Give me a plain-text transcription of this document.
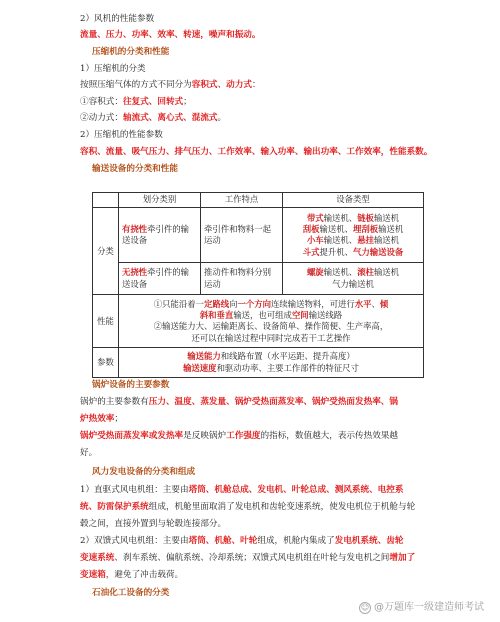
2）风机的性能参数
流量、压力、功率、效率、转速，噪声和振动。
压缩机的分类和性能
1）压缩机的分类
按照压缩气体的方式不同分为容积式、动力式：
①容积式：往复式、回转式；
②动力式：轴流式、离心式、混流式。
2）压缩机的性能参数
容积、流量、吸气压力、排气压力、工作效率、输入功率、输出功率、工作效率，性能系数。
输送设备的分类和性能
	划分类别	工作特点	设备类型
分类	有挠性牵引件的输送设备	牵引件和物料一起运动	带式输送机、链板输送机
刮板输送机、埋刮板输送机
小车输送机、悬挂输送机
斗式提升机、气力输送设备

	无挠性牵引件的输送设备	推动件和物料分别运动	螺旋输送机、滚柱输送机
气力输送机

性能	①只能沿着一定路线向一个方向连续输送物料，可进行水平、倾
斜和垂直输送，也可组成空间输送线路
②输送能力大、运输距离长、设备简单、操作简便、生产率高，
还可以在输送过程中同时完成若干工艺操作		

参数	输送能力和线路布置（水平运距、提升高度）
输送速度和驱动功率、主要工作部件的特征尺寸		
锅炉设备的主要参数
锅炉的主要参数有压力、温度、蒸发量、锅炉受热面蒸发率、锅炉受热面发热率、锅
炉热效率；
锅炉受热面蒸发率或发热率是反映锅炉工作强度的指标，数值越大，表示传热效果越
好。
风力发电设备的分类和组成
1）直驱式风电机组：主要由塔筒、机舱总成、发电机、叶轮总成、测风系统、电控系
统、防雷保护系统组成，机舱里面取消了发电机和齿轮变速系统，使发电机位于机舱与轮
毂之间，直接外置到与轮毂连接部分。
2）双馈式风电机组：主要由塔筒、机舱、叶轮组成，机舱内集成了发电机系统、齿轮
变速系统、刹车系统、偏航系统、冷却系统；双馈式风电机组在叶轮与发电机之间增加了
变速箱，避免了冲击载荷。
石油化工设备的分类
☺ @万题库一级建造师考试
